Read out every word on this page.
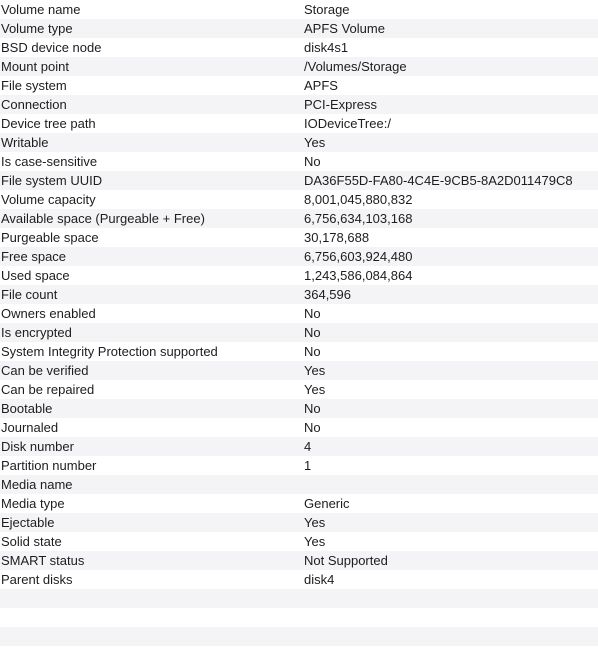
Volume name	Storage
Volume type	APFS Volume
BSD device node	disk4s1
Mount point	/Volumes/Storage
File system	APFS
Connection	PCI-Express
Device tree path	IODeviceTree:/
Writable	Yes
Is case-sensitive	No
File system UUID	DA36F55D-FA80-4C4E-9CB5-8A2D011479C8
Volume capacity	8,001,045,880,832
Available space (Purgeable + Free)	6,756,634,103,168
Purgeable space	30,178,688
Free space	6,756,603,924,480
Used space	1,243,586,084,864
File count	364,596
Owners enabled	No
Is encrypted	No
System Integrity Protection supported	No
Can be verified	Yes
Can be repaired	Yes
Bootable	No
Journaled	No
Disk number	4
Partition number	1
Media name
Media type	Generic
Ejectable	Yes
Solid state	Yes
SMART status	Not Supported
Parent disks	disk4
